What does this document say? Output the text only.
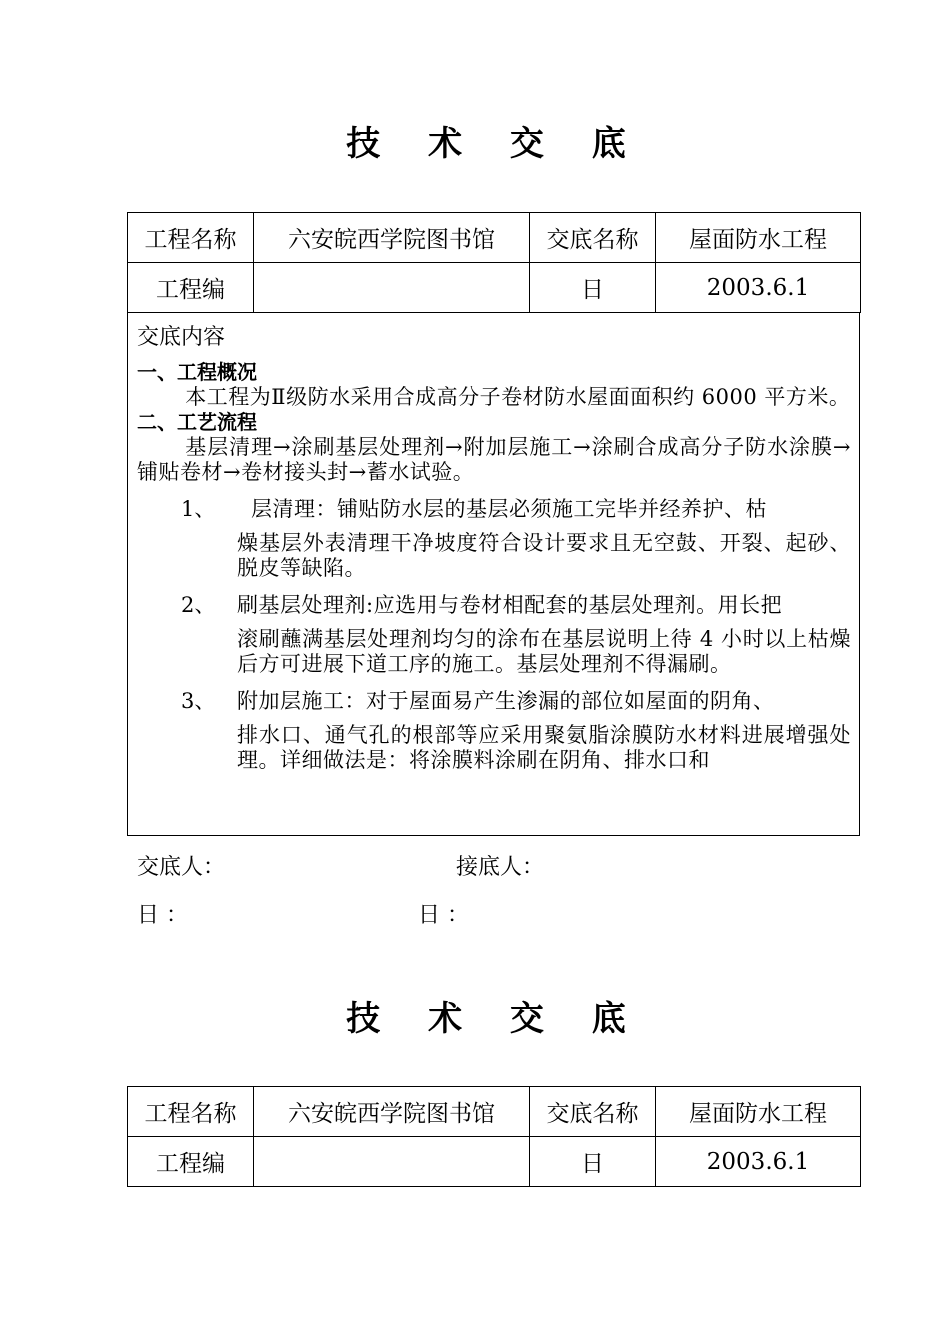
技 术 交 底
工程名称	六安皖西学院图书馆	交底名称	屋面防水工程
工程编		日	2003.6.1
交底内容
一、工程概况
本工程为Ⅱ级防水采用合成高分子卷材防水屋面面积约 6000 平方米。
二、工艺流程
基层清理→涂刷基层处理剂→附加层施工→涂刷合成高分子防水涂膜→铺贴卷材→卷材接头封→蓄水试验。
1、	层清理：铺贴防水层的基层必须施工完毕并经养护、枯
燥基层外表清理干净坡度符合设计要求且无空鼓、开裂、起砂、脱皮等缺陷。
2、	刷基层处理剂:应选用与卷材相配套的基层处理剂。用长把
滚刷蘸满基层处理剂均匀的涂布在基层说明上待 4 小时以上枯燥后方可进展下道工序的施工。基层处理剂不得漏刷。
3、	附加层施工：对于屋面易产生渗漏的部位如屋面的阴角、
排水口、通气孔的根部等应采用聚氨脂涂膜防水材料进展增强处理。详细做法是：将涂膜料涂刷在阴角、排水口和
交底人：	接底人：
日 ：	日 ：
技 术 交 底
工程名称	六安皖西学院图书馆	交底名称	屋面防水工程
工程编		日	2003.6.1
